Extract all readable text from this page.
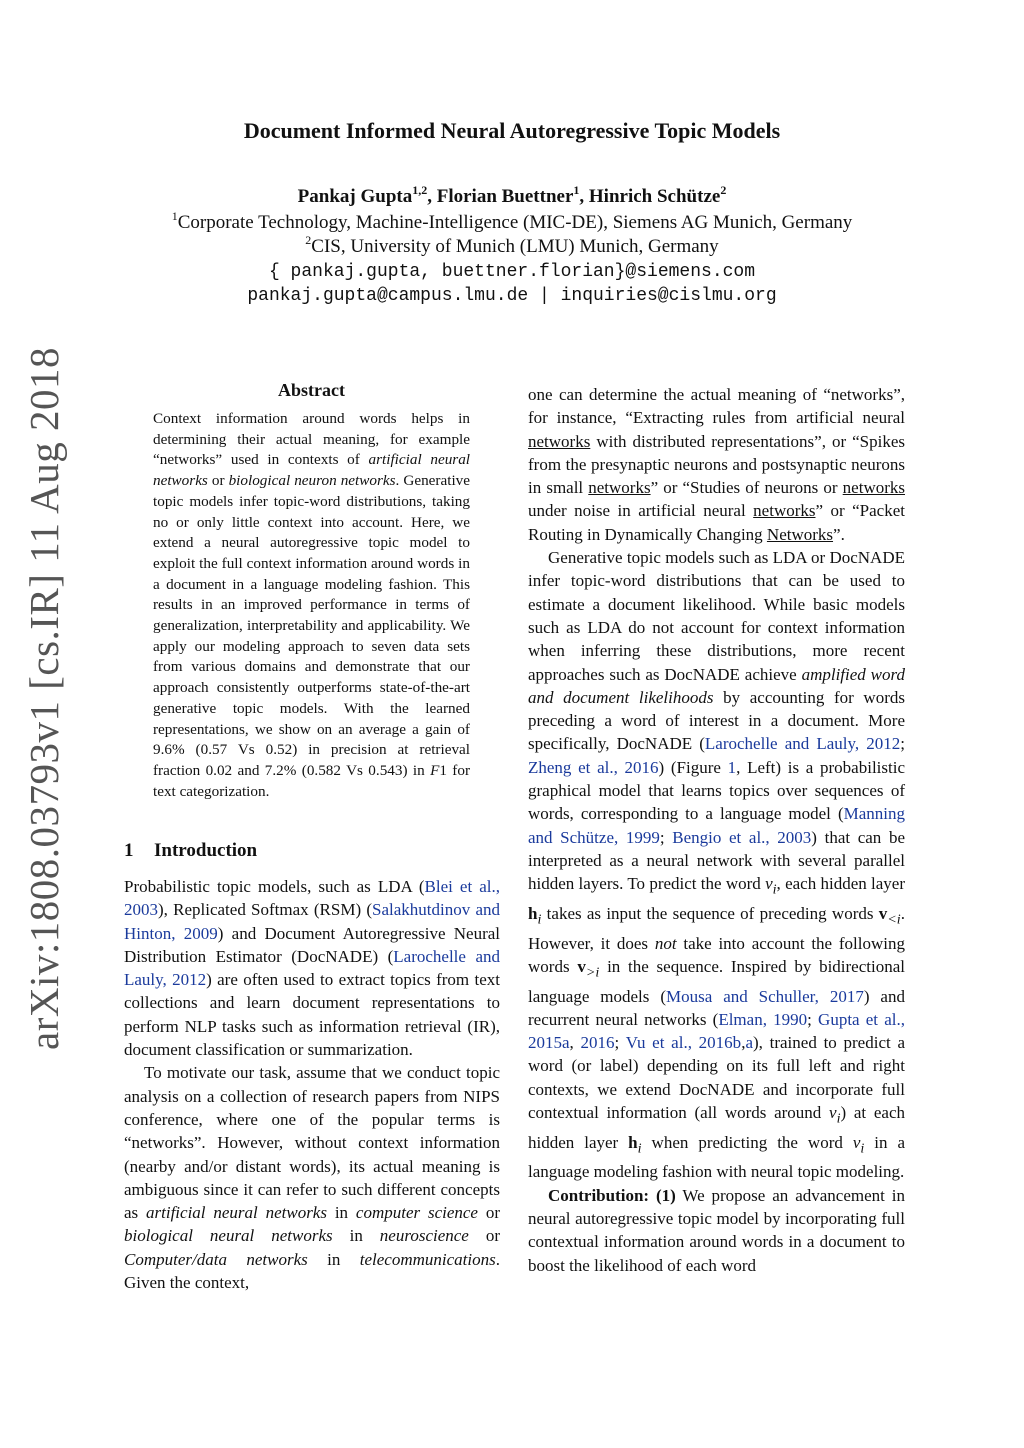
Document Informed Neural Autoregressive Topic Models
Pankaj Gupta$^{1,2}$, Florian Buettner$^1$, Hinrich Schütze$^2$
$^1$Corporate Technology, Machine-Intelligence (MIC-DE), Siemens AG Munich, Germany
$^2$CIS, University of Munich (LMU) Munich, Germany
{ pankaj.gupta, buettner.florian}@siemens.com
pankaj.gupta@campus.lmu.de | inquiries@cislmu.org
arXiv:1808.03793v1 [cs.IR] 11 Aug 2018	Abstract

Context information around words helps in determining their actual meaning, for example “networks” used in contexts of artificial neural networks or biological neuron networks. Generative topic models infer topic-word distributions, taking no or only little context into account. Here, we extend a neural autoregressive topic model to exploit the full context information around words in a document in a language modeling fashion. This results in an improved performance in terms of generalization, interpretability and applicability. We apply our modeling approach to seven data sets from various domains and demonstrate that our approach consistently outperforms state-of-the-art generative topic models. With the learned representations, we show on an average a gain of 9.6% (0.57 Vs 0.52) in precision at retrieval fraction 0.02 and 7.2% (0.582 Vs 0.543) in F1 for text categorization.

1 Introduction

Probabilistic topic models, such as LDA (Blei et al., 2003), Replicated Softmax (RSM) (Salakhutdinov and Hinton, 2009) and Document Autoregressive Neural Distribution Estimator (DocNADE) (Larochelle and Lauly, 2012) are often used to extract topics from text collections and learn document representations to perform NLP tasks such as information retrieval (IR), document classification or summarization.

To motivate our task, assume that we conduct topic analysis on a collection of research papers from NIPS conference, where one of the popular terms is “networks”. However, without context information (nearby and/or distant words), its actual meaning is ambiguous since it can refer to such different concepts as artificial neural networks in computer science or biological neural networks in neuroscience or Computer/data networks in telecommunications. Given the context,

one can determine the actual meaning of “networks”, for instance, “Extracting rules from artificial neural networks with distributed representations”, or “Spikes from the presynaptic neurons and postsynaptic neurons in small networks” or “Studies of neurons or networks under noise in artificial neural networks” or “Packet Routing in Dynamically Changing Networks”.

Generative topic models such as LDA or DocNADE infer topic-word distributions that can be used to estimate a document likelihood. While basic models such as LDA do not account for context information when inferring these distributions, more recent approaches such as DocNADE achieve amplified word and document likelihoods by accounting for words preceding a word of interest in a document. More specifically, DocNADE (Larochelle and Lauly, 2012; Zheng et al., 2016) (Figure 1, Left) is a probabilistic graphical model that learns topics over sequences of words, corresponding to a language model (Manning and Schütze, 1999; Bengio et al., 2003) that can be interpreted as a neural network with several parallel hidden layers. To predict the word $v_i$, each hidden layer $h_i$ takes as input the sequence of preceding words $v_{<i}$. However, it does not take into account the following words $v_{>i}$ in the sequence. Inspired by bidirectional language models (Mousa and Schuller, 2017) and recurrent neural networks (Elman, 1990; Gupta et al., 2015a, 2016; Vu et al., 2016b,a), trained to predict a word (or label) depending on its full left and right contexts, we extend DocNADE and incorporate full contextual information (all words around $v_i$) at each hidden layer $h_i$ when predicting the word $v_i$ in a language modeling fashion with neural topic modeling.

Contribution: (1) We propose an advancement in neural autoregressive topic model by incorporating full contextual information around words in a document to boost the likelihood of each word
